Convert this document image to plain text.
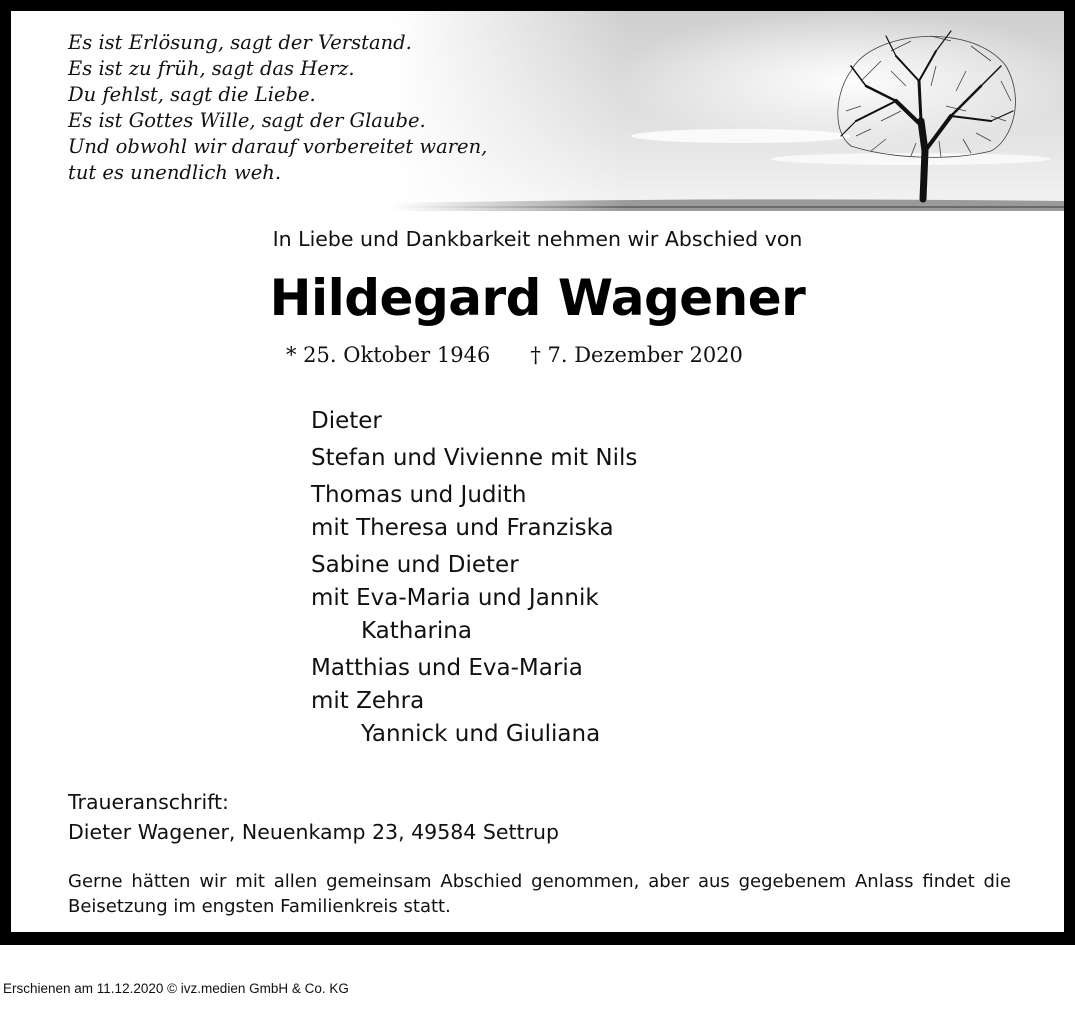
Es ist Erlösung, sagt der Verstand.
Es ist zu früh, sagt das Herz.
Du fehlst, sagt die Liebe.
Es ist Gottes Wille, sagt der Glaube.
Und obwohl wir darauf vorbereitet waren,
tut es unendlich weh.
In Liebe und Dankbarkeit nehmen wir Abschied von
Hildegard Wagener
* 25. Oktober 1946 † 7. Dezember 2020
Dieter
Stefan und Vivienne mit Nils
Thomas und Judith
mit Theresa und Franziska
Sabine und Dieter
mit Eva-Maria und Jannik
Katharina
Matthias und Eva-Maria
mit Zehra
Yannick und Giuliana
Traueranschrift:
Dieter Wagener, Neuenkamp 23, 49584 Settrup
Gerne hätten wir mit allen gemeinsam Abschied genommen, aber aus gegebenem Anlass findet die Beisetzung im engsten Familienkreis statt.
Erschienen am 11.12.2020 © ivz.medien GmbH & Co. KG
